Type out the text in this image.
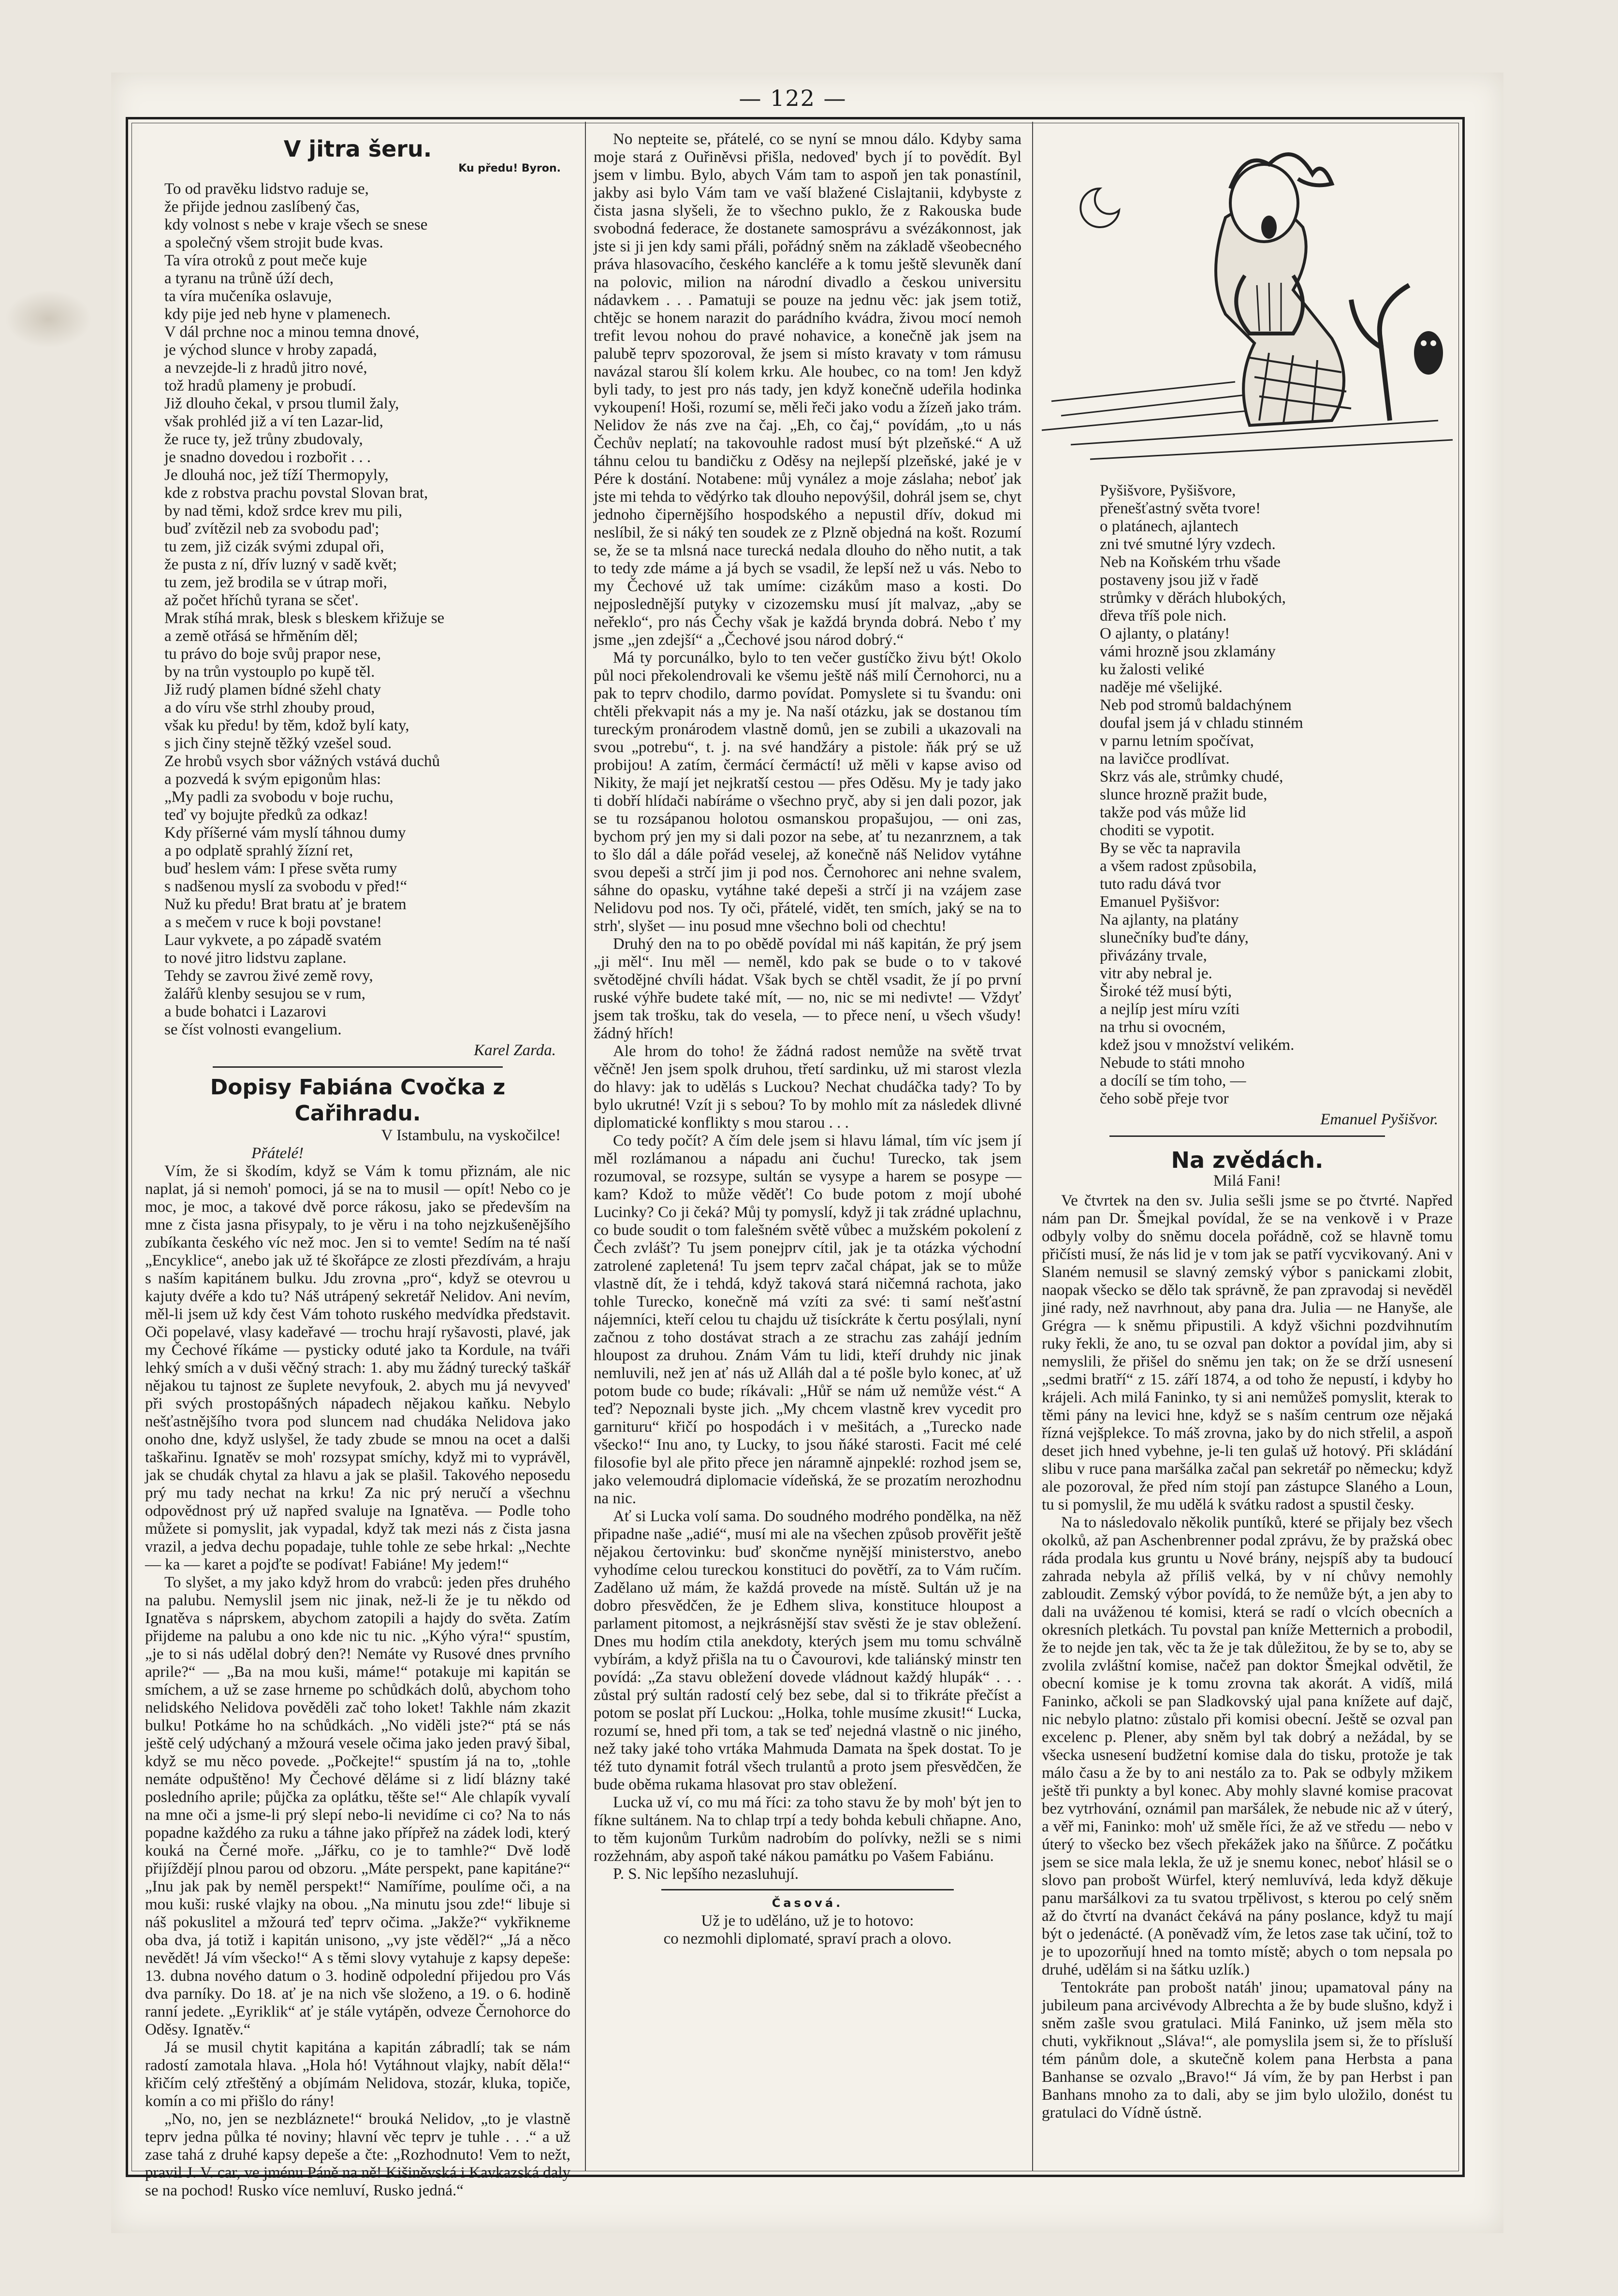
— 122 —
V jitra šeru.
Ku předu! Byron.
To od pravěku lidstvo raduje se,
že přijde jednou zaslíbený čas,
kdy volnost s nebe v kraje všech se snese
a společný všem strojit bude kvas.
Ta víra otroků z pout meče kuje
a tyranu na trůně úží dech,
ta víra mučeníka oslavuje,
kdy pije jed neb hyne v plamenech.
V dál prchne noc a minou temna dnové,
je východ slunce v hroby zapadá,
a nevzejde-li z hradů jitro nové,
tož hradů plameny je probudí.
Již dlouho čekal, v prsou tlumil žaly,
však prohléd již a ví ten Lazar-lid,
že ruce ty, jež trůny zbudovaly,
je snadno dovedou i rozbořit . . .
Je dlouhá noc, jež tíží Thermopyly,
kde z robstva prachu povstal Slovan brat,
by nad těmi, kdož srdce krev mu pili,
buď zvítězil neb za svobodu pad';
tu zem, již cizák svými zdupal oři,
že pusta z ní, dřív luzný v sadě květ;
tu zem, jež brodila se v útrap moři,
až počet hříchů tyrana se sčet'.
Mrak stíhá mrak, blesk s bleskem křižuje se
a země otřásá se hřměním děl;
tu právo do boje svůj prapor nese,
by na trůn vystouplo po kupě těl.
Již rudý plamen bídné sžehl chaty
a do víru vše strhl zhouby proud,
však ku předu! by těm, kdož bylí katy,
s jich činy stejně těžký vzešel soud.
Ze hrobů vsych sbor vážných vstává duchů
a pozvedá k svým epigonům hlas:
„My padli za svobodu v boje ruchu,
teď vy bojujte předků za odkaz!
Kdy příšerné vám myslí táhnou dumy
a po odplatě sprahlý žízní ret,
buď heslem vám: I přese světa rumy
s nadšenou myslí za svobodu v před!“
Nuž ku předu! Brat bratu ať je bratem
a s mečem v ruce k boji povstane!
Laur vykvete, a po západě svatém
to nové jitro lidstvu zaplane.
Tehdy se zavrou živé země rovy,
žalářů klenby sesujou se v rum,
a bude bohatci i Lazarovi
se číst volnosti evangelium.
Karel Zarda.
Dopisy Fabiána Cvočka z Cařihradu.
V Istambulu, na vyskočilce!
Přátelé!

Vím, že si škodím, když se Vám k tomu přiznám, ale nic naplat, já si nemoh' pomoci, já se na to musil — opít! Nebo co je moc, je moc, a takové dvě porce rákosu, jako se především na mne z čista jasna přisypaly, to je věru i na toho nejzkušenějšího zubíkanta českého víc než moc. Jen si to vemte! Sedím na té naší „Encyklice“, anebo jak už té škořápce ze zlosti přezdívám, a hraju s naším kapitánem bulku. Jdu zrovna „pro“, když se otevrou u kajuty dvéře a kdo tu? Náš utrápený sekretář Nelidov. Ani nevím, měl-li jsem už kdy čest Vám tohoto ruského medvídka představit. Oči popelavé, vlasy kadeřavé — trochu hrají ryšavosti, plavé, jak my Čechové říkáme — pysticky oduté jako ta Kordule, na tváři lehký smích a v duši věčný strach: 1. aby mu žádný turecký taškář nějakou tu tajnost ze šuplete nevyfouk, 2. abych mu já nevyved' při svých prostopášných nápadech nějakou kaňku. Nebylo nešťastnějšího tvora pod sluncem nad chudáka Nelidova jako onoho dne, když uslyšel, že tady zbude se mnou na ocet a dalši taškařinu. Ignatěv se moh' rozsypat smíchy, když mi to vyprávěl, jak se chudák chytal za hlavu a jak se plašil. Takového neposedu prý mu tady nechat na krku! Za nic prý neručí a všechnu odpovědnost prý už napřed svaluje na Ignatěva. — Podle toho můžete si pomyslit, jak vypadal, když tak mezi nás z čista jasna vrazil, a jedva dechu popadaje, tuhle tohle ze sebe hrkal: „Nechte — ka — karet a pojďte se podívat! Fabiáne! My jedem!“

To slyšet, a my jako když hrom do vrabců: jeden přes druhého na palubu. Nemyslil jsem nic jinak, než-li že je tu někdo od Ignatěva s náprskem, abychom zatopili a hajdy do světa. Zatím přijdeme na palubu a ono kde nic tu nic. „Kýho výra!“ spustím, „je to si nás udělal dobrý den?! Nemáte vy Rusové dnes prvního aprile?“ — „Ba na mou kuši, máme!“ potakuje mi kapitán se smíchem, a už se zase hrneme po schůdkách dolů, abychom toho nelidského Nelidova pověděli zač toho loket! Takhle nám zkazit bulku! Potkáme ho na schůdkách. „No viděli jste?“ ptá se nás ještě celý udýchaný a mžourá vesele očima jako jeden pravý šibal, když se mu něco povede. „Počkejte!“ spustím já na to, „tohle nemáte odpuštěno! My Čechové děláme si z lidí blázny také posledního aprile; půjčka za oplátku, těšte se!“ Ale chlapík vyvalí na mne oči a jsme-li prý slepí nebo-li nevidíme ci co? Na to nás popadne každého za ruku a táhne jako přípřež na zádek lodi, který kouká na Černé moře. „Jářku, co je to tamhle?“ Dvě lodě přijíždějí plnou parou od obzoru. „Máte perspekt, pane kapitáne?“ „Inu jak pak by neměl perspekt!“ Namíříme, poulíme oči, a na mou kuši: ruské vlajky na obou. „Na minutu jsou zde!“ libuje si náš pokuslitel a mžourá teď teprv očima. „Jakže?“ vykřikneme oba dva, já totiž i kapitán unisono, „vy jste věděl?“ „Já a něco nevědět! Já vím všecko!“ A s těmi slovy vytahuje z kapsy depeše: 13. dubna nového datum o 3. hodině odpolední přijedou pro Vás dva parníky. Do 18. ať je na nich vše složeno, a 19. o 6. hodině ranní jedete. „Eyriklik“ ať je stále vytápěn, odveze Černohorce do Oděsy. Ignatěv.“

Já se musil chytit kapitána a kapitán zábradlí; tak se nám radostí zamotala hlava. „Hola hó! Vytáhnout vlajky, nabít děla!“ křičím celý ztřeštěný a objímám Nelidova, stozár, kluka, topiče, komín a co mi přišlo do rány!

„No, no, jen se nezbláznete!“ brouká Nelidov, „to je vlastně teprv jedna půlka té noviny; hlavní věc teprv je tuhle . . .“ a už zase tahá z druhé kapsy depeše a čte: „Rozhodnuto! Vem to nežt, pravil J. V. car, ve jménu Páně na ně! Kišiněvská i Kavkazská daly se na pochod! Rusko více nemluví, Rusko jedná.“

No nepteite se, přátelé, co se nyní se mnou dálo. Kdyby sama moje stará z Ouřiněvsi přišla, nedoved' bych jí to povědít. Byl jsem v limbu. Bylo, abych Vám tam to aspoň jen tak ponastínil, jakby asi bylo Vám tam ve vaší blažené Cislajtanii, kdybyste z čista jasna slyšeli, že to všechno puklo, že z Rakouska bude svobodná federace, že dostanete samosprávu a svézákonnost, jak jste si ji jen kdy sami přáli, pořádný sněm na základě všeobecného práva hlasovacího, českého kancléře a k tomu ještě slevuněk daní na polovic, milion na národní divadlo a českou universitu nádavkem . . . Pamatuji se pouze na jednu věc: jak jsem totiž, chtějc se honem narazit do parádního kvádra, živou mocí nemoh trefit levou nohou do pravé nohavice, a konečně jak jsem na palubě teprv spozoroval, že jsem si místo kravaty v tom rámusu navázal starou šlí kolem krku. Ale houbec, co na tom! Jen když byli tady, to jest pro nás tady, jen když konečně udeřila hodinka vykoupení! Hoši, rozumí se, měli řeči jako vodu a žízeň jako trám. Nelidov že nás zve na čaj. „Eh, co čaj,“ povídám, „to u nás Čechův neplatí; na takovouhle radost musí být plzeňské.“ A už táhnu celou tu bandičku z Oděsy na nejlepší plzeňské, jaké je v Pére k dostání. Notabene: můj vynález a moje záslaha; neboť jak jste mi tehda to vědýrko tak dlouho nepovýšil, dohrál jsem se, chyt jednoho čipernějšího hospodského a nepustil dřív, dokud mi neslíbil, že si náký ten soudek ze z Plzně objedná na košt. Rozumí se, že se ta mlsná nace turecká nedala dlouho do něho nutit, a tak to tedy zde máme a já bych se vsadil, že lepší než u vás. Nebo to my Čechové už tak umíme: cizákům maso a kosti. Do nejposlednější putyky v cizozemsku musí jít malvaz, „aby se neřeklo“, pro nás Čechy však je každá brynda dobrá. Nebo ť my jsme „jen zdejší“ a „Čechové jsou národ dobrý.“

Má ty porcunálko, bylo to ten večer gustíčko živu být! Okolo půl noci překolendrovali ke všemu ještě náš milí Černohorci, nu a pak to teprv chodilo, darmo povídat. Pomyslete si tu švandu: oni chtěli překvapit nás a my je. Na naší otázku, jak se dostanou tím tureckým pronárodem vlastně domů, jen se zubili a ukazovali na svou „potrebu“, t. j. na své handžáry a pistole: ňák prý se už probijou! A zatím, čermácí čermáctí! už měli v kapse aviso od Nikity, že mají jet nejkratší cestou — přes Oděsu. My je tady jako ti dobří hlídači nabíráme o všechno pryč, aby si jen dali pozor, jak se tu rozsápanou holotou osmanskou propašujou, — oni zas, bychom prý jen my si dali pozor na sebe, ať tu nezanrznem, a tak to šlo dál a dále pořád veselej, až konečně náš Nelidov vytáhne svou depeši a strčí jim ji pod nos. Černohorec ani nehne svalem, sáhne do opasku, vytáhne také depeši a strčí ji na vzájem zase Nelidovu pod nos. Ty oči, přátelé, vidět, ten smích, jaký se na to strh', slyšet — inu posud mne všechno boli od chechtu!

Druhý den na to po obědě povídal mi náš kapitán, že prý jsem „ji měl“. Inu měl — neměl, kdo pak se bude o to v takové světodějné chvíli hádat. Však bych se chtěl vsadit, že jí po první ruské výhře budete také mít, — no, nic se mi nedivte! — Vždyť jsem tak trošku, tak do vesela, — to přece není, u všech všudy! žádný hřích!

Ale hrom do toho! že žádná radost nemůže na světě trvat věčně! Jen jsem spolk druhou, třetí sardinku, už mi starost vlezla do hlavy: jak to udělás s Luckou? Nechat chudáčka tady? To by bylo ukrutné! Vzít ji s sebou? To by mohlo mít za následek dlivné diplomatické konflikty s mou starou . . .

Co tedy počít? A čím dele jsem si hlavu lámal, tím víc jsem jí měl rozlámanou a nápadu ani čuchu! Turecko, tak jsem rozumoval, se rozsype, sultán se vysype a harem se posype — kam? Kdož to může věděť! Co bude potom z mojí ubohé Lucinky? Co ji čeká? Můj ty pomyslí, když ji tak zrádné uplachnu, co bude soudit o tom falešném světě vůbec a mužském pokolení z Čech zvlášť? Tu jsem ponejprv cítil, jak je ta otázka východní zatrolené zapletená! Tu jsem teprv začal chápat, jak se to může vlastně dít, že i tehdá, když taková stará ničemná rachota, jako tohle Turecko, konečně má vzíti za své: ti samí nešťastní nájemníci, kteří celou tu chajdu už tisíckráte k čertu posýlali, nyní začnou z toho dostávat strach a ze strachu zas zahájí jedním hloupost za druhou. Znám Vám tu lidi, kteří druhdy nic jinak nemluvili, než jen ať nás už Alláh dal a té pošle bylo konec, ať už potom bude co bude; ríkávali: „Hůř se nám už nemůže vést.“ A teď? Nepoznali byste jich. „My chcem vlastně krev vycedit pro garnituru“ křičí po hospodách i v mešitách, a „Turecko nade všecko!“ Inu ano, ty Lucky, to jsou ňáké starosti. Facit mé celé filosofie byl ale přito přece jen náramně ajnpeklé: rozhod jsem se, jako velemoudrá diplomacie vídeňská, že se prozatím nerozhodnu na nic.

Ať si Lucka volí sama. Do soudného modrého pondělka, na něž připadne naše „adié“, musí mi ale na všechen způsob prověřit ještě nějakou čertovinku: buď skončme nynější ministerstvo, anebo vyhodíme celou tureckou konstituci do povětří, za to Vám ručím. Zadělano už mám, že každá provede na místě. Sultán už je na dobro přesvědčen, že je Edhem sliva, konstituce hloupost a parlament pitomost, a nejkrásnější stav svěsti že je stav obležení. Dnes mu hodím ctila anekdoty, kterých jsem mu tomu schválně vybírám, a když přišla na tu o Čavourovi, kde taliánský minstr ten povídá: „Za stavu obležení dovede vládnout každý hlupák“ . . . zůstal prý sultán radostí celý bez sebe, dal si to třikráte přečíst a potom se poslat pří Luckou: „Holka, tohle musíme zkusit!“ Lucka, rozumí se, hned při tom, a tak se teď nejedná vlastně o nic jiného, než taky jaké toho vrtáka Mahmuda Damata na špek dostat. To je též tuto dynamit fotrál všech trulantů a proto jsem přesvědčen, že bude oběma rukama hlasovat pro stav obležení.

Lucka už ví, co mu má říci: za toho stavu že by moh' být jen to fíkne sultánem. Na to chlap trpí a tedy bohda kebuli chňapne. Ano, to těm kujonům Turkům nadrobím do polívky, nežli se s nimi rozžehnám, aby aspoň také nákou památku po Vašem Fabiánu.

P. S. Nic lepšího nezasluhují.

Časová.
Už je to uděláno, už je to hotovo:
co nezmohli diplomaté, spraví prach a olovo.
Pyšišvore, Pyšišvore,
přenešťastný světa tvore!
o platánech, ajlantech
zni tvé smutné lýry vzdech.
Neb na Koňském trhu všade
postaveny jsou již v řadě
strůmky v děrách hlubokých,
dřeva tříš pole nich.
O ajlanty, o platány!
vámi hrozně jsou zklamány
ku žalosti veliké
naděje mé všelijké.
Neb pod stromů baldachýnem
doufal jsem já v chladu stinném
v parnu letním spočívat,
na lavičce prodlívat.
Skrz vás ale, strůmky chudé,
slunce hrozně pražit bude,
takže pod vás může lid
choditi se vypotit.
By se věc ta napravila
a všem radost způsobila,
tuto radu dává tvor
Emanuel Pyšišvor:
Na ajlanty, na platány
slunečníky buďte dány,
přivázány trvale,
vitr aby nebral je.
Široké též musí býti,
a nejlíp jest míru vzíti
na trhu si ovocném,
kdež jsou v množství velikém.
Nebude to státi mnoho
a docílí se tím toho, —
čeho sobě přeje tvor
Emanuel Pyšišvor.
Na zvědách.
Milá Fani!

Ve čtvrtek na den sv. Julia sešli jsme se po čtvrté. Napřed nám pan Dr. Šmejkal povídal, že se na venkově i v Praze odbyly volby do sněmu docela pořádně, což se hlavně tomu přičísti musí, že nás lid je v tom jak se patří vycvikovaný. Ani v Slaném nemusil se slavný zemský výbor s panickami zlobit, naopak všecko se dělo tak správně, že pan zpravodaj si nevěděl jiné rady, než navrhnout, aby pana dra. Julia — ne Hanyše, ale Grégra — k sněmu připustili. A když všichni pozdvihnutím ruky řekli, že ano, tu se ozval pan doktor a povídal jim, aby si nemyslili, že přišel do sněmu jen tak; on že se drží usnesení „sedmi bratří“ z 15. září 1874, a od toho že nepustí, i kdyby ho krájeli. Ach milá Faninko, ty si ani nemůžeš pomyslit, kterak to těmi pány na levici hne, když se s naším centrum oze nějaká řízná vejšplekce. To máš zrovna, jako by do nich střelil, a aspoň deset jich hned vybehne, je-li ten gulaš už hotový. Při skládání slibu v ruce pana maršálka začal pan sekretář po německu; když ale pozoroval, že před ním stojí pan zástupce Slaného a Loun, tu si pomyslil, že mu udělá k svátku radost a spustil česky.

Na to následovalo několik puntíků, které se přijaly bez všech okolků, až pan Aschenbrenner podal zprávu, že by pražská obec ráda prodala kus gruntu u Nové brány, nejspíš aby ta budoucí zahrada nebyla až příliš velká, by v ní chůvy nemohly zabloudit. Zemský výbor povídá, to že nemůže být, a jen aby to dali na uváženou té komisi, která se radí o vlcích obecních a okresních pletkách. Tu povstal pan kníže Metternich a probodil, že to nejde jen tak, věc ta že je tak důležitou, že by se to, aby se zvolila zvláštní komise, načež pan doktor Šmejkal odvětil, že obecní komise je k tomu zrovna tak akorát. A vidíš, milá Faninko, ačkoli se pan Sladkovský ujal pana knížete auf dajč, nic nebylo platno: zůstalo při komisi obecní. Ještě se ozval pan excelenc p. Plener, aby sněm byl tak dobrý a nežádal, by se všecka usnesení budžetní komise dala do tisku, protože je tak málo času a že by to ani nestálo za to. Pak se odbyly mžikem ještě tři punkty a byl konec. Aby mohly slavné komise pracovat bez vytrhování, oznámil pan maršálek, že nebude nic až v úterý, a věř mi, Faninko: moh' už směle říci, že až ve středu — nebo v úterý to všecko bez všech překážek jako na šňůrce. Z počátku jsem se sice mala lekla, že už je snemu konec, neboť hlásil se o slovo pan probošt Würfel, který nemluvívá, leda když děkuje panu maršálkovi za tu svatou trpělivost, s kterou po celý sněm až do čtvrtí na dvanáct čekává na pány poslance, když tu mají být o jedenácté. (A poněvadž vím, že letos zase tak učiní, tož to je to upozorňují hned na tomto místě; abych o tom nepsala po druhé, udělám si na šátku uzlík.)

Tentokráte pan probošt natáh' jinou; upamatoval pány na jubileum pana arcivévody Albrechta a že by bude slušno, když i sněm zašle svou gratulaci. Milá Faninko, už jsem měla sto chuti, vykřiknout „Sláva!“, ale pomyslila jsem si, že to přísluší tém pánům dole, a skutečně kolem pana Herbsta a pana Banhanse se ozvalo „Bravo!“ Já vím, že by pan Herbst i pan Banhans mnoho za to dali, aby se jim bylo uložilo, donést tu gratulaci do Vídně ústně.
